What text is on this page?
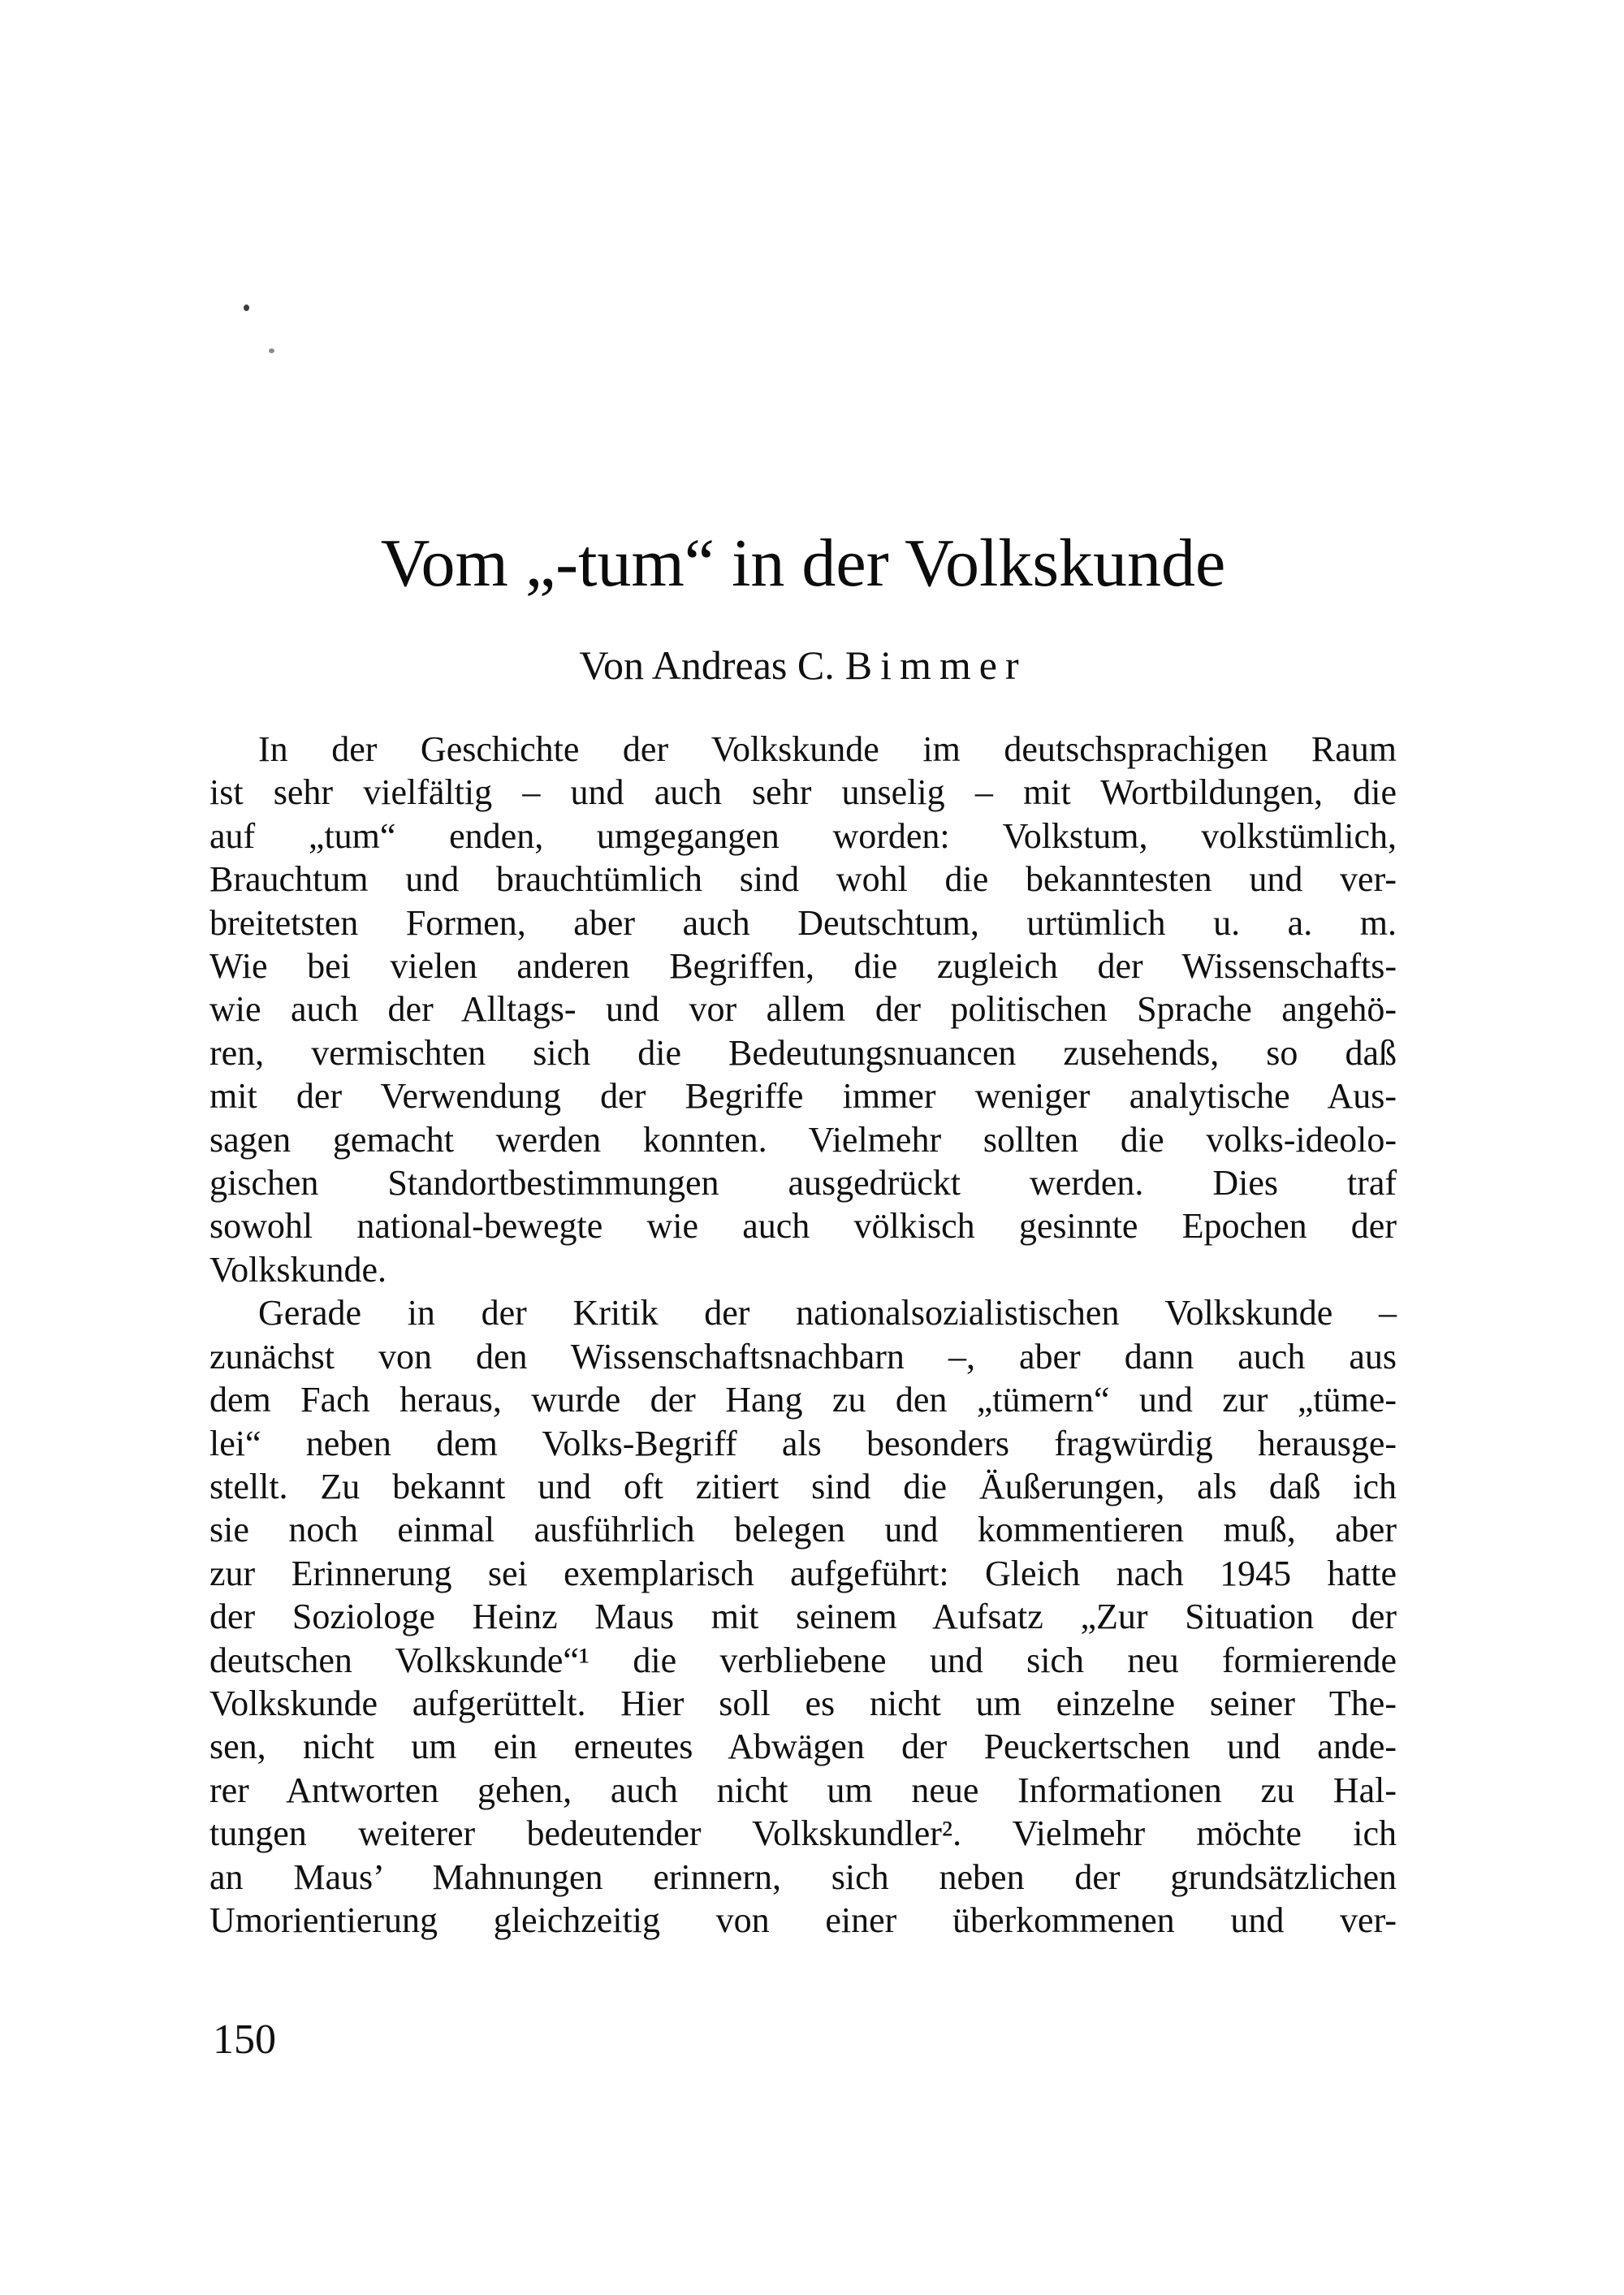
Vom „-tum“ in der Volkskunde
Von Andreas C. Bimmer
In der Geschichte der Volkskunde im deutschsprachigen Raum
ist sehr vielfältig – und auch sehr unselig – mit Wortbildungen, die
auf „tum“ enden, umgegangen worden: Volkstum, volkstümlich,
Brauchtum und brauchtümlich sind wohl die bekanntesten und ver-
breitetsten Formen, aber auch Deutschtum, urtümlich u. a. m.
Wie bei vielen anderen Begriffen, die zugleich der Wissenschafts-
wie auch der Alltags- und vor allem der politischen Sprache angehö-
ren, vermischten sich die Bedeutungsnuancen zusehends, so daß
mit der Verwendung der Begriffe immer weniger analytische Aus-
sagen gemacht werden konnten. Vielmehr sollten die volks-ideolo-
gischen Standortbestimmungen ausgedrückt werden. Dies traf
sowohl national-bewegte wie auch völkisch gesinnte Epochen der
Volkskunde.
Gerade in der Kritik der nationalsozialistischen Volkskunde –
zunächst von den Wissenschaftsnachbarn –, aber dann auch aus
dem Fach heraus, wurde der Hang zu den „tümern“ und zur „tüme-
lei“ neben dem Volks-Begriff als besonders fragwürdig herausge-
stellt. Zu bekannt und oft zitiert sind die Äußerungen, als daß ich
sie noch einmal ausführlich belegen und kommentieren muß, aber
zur Erinnerung sei exemplarisch aufgeführt: Gleich nach 1945 hatte
der Soziologe Heinz Maus mit seinem Aufsatz „Zur Situation der
deutschen Volkskunde“¹ die verbliebene und sich neu formierende
Volkskunde aufgerüttelt. Hier soll es nicht um einzelne seiner The-
sen, nicht um ein erneutes Abwägen der Peuckertschen und ande-
rer Antworten gehen, auch nicht um neue Informationen zu Hal-
tungen weiterer bedeutender Volkskundler². Vielmehr möchte ich
an Maus’ Mahnungen erinnern, sich neben der grundsätzlichen
Umorientierung gleichzeitig von einer überkommenen und ver-
150
